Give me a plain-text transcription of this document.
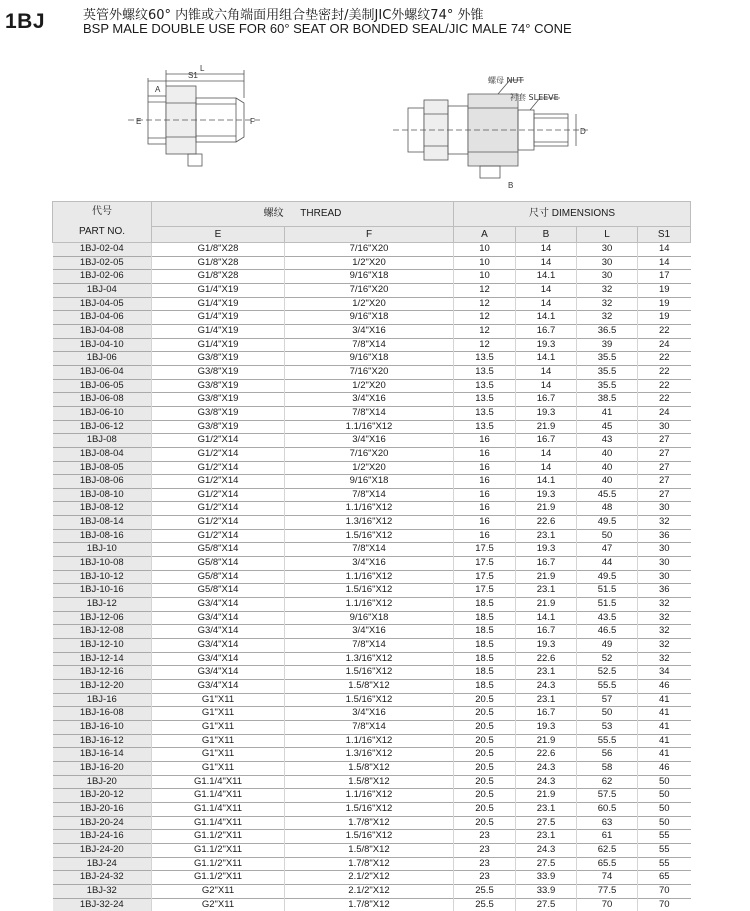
1BJ	英管外螺纹60° 内锥或六角端面用组合垫密封/美制JIC外螺纹74° 外锥
BSP MALE DOUBLE USE FOR 60° SEAT OR BONDED SEAL/JIC MALE 74° CONE
L
S1
F
E
A
螺母 NUT
衬套 SLEEVE
D
B
代号
PART NO.	螺纹 THREAD		尺寸 DIMENSIONS			
	E	F	A	B	L	S1
1BJ-02-04	G1/8"X28	7/16"X20	10	14	30	14
1BJ-02-05	G1/8"X28	1/2"X20	10	14	30	14
1BJ-02-06	G1/8"X28	9/16"X18	10	14.1	30	17
1BJ-04	G1/4"X19	7/16"X20	12	14	32	19
1BJ-04-05	G1/4"X19	1/2"X20	12	14	32	19
1BJ-04-06	G1/4"X19	9/16"X18	12	14.1	32	19
1BJ-04-08	G1/4"X19	3/4"X16	12	16.7	36.5	22
1BJ-04-10	G1/4"X19	7/8"X14	12	19.3	39	24
1BJ-06	G3/8"X19	9/16"X18	13.5	14.1	35.5	22
1BJ-06-04	G3/8"X19	7/16"X20	13.5	14	35.5	22
1BJ-06-05	G3/8"X19	1/2"X20	13.5	14	35.5	22
1BJ-06-08	G3/8"X19	3/4"X16	13.5	16.7	38.5	22
1BJ-06-10	G3/8"X19	7/8"X14	13.5	19.3	41	24
1BJ-06-12	G3/8"X19	1.1/16"X12	13.5	21.9	45	30
1BJ-08	G1/2"X14	3/4"X16	16	16.7	43	27
1BJ-08-04	G1/2"X14	7/16"X20	16	14	40	27
1BJ-08-05	G1/2"X14	1/2"X20	16	14	40	27
1BJ-08-06	G1/2"X14	9/16"X18	16	14.1	40	27
1BJ-08-10	G1/2"X14	7/8"X14	16	19.3	45.5	27
1BJ-08-12	G1/2"X14	1.1/16"X12	16	21.9	48	30
1BJ-08-14	G1/2"X14	1.3/16"X12	16	22.6	49.5	32
1BJ-08-16	G1/2"X14	1.5/16"X12	16	23.1	50	36
1BJ-10	G5/8"X14	7/8"X14	17.5	19.3	47	30
1BJ-10-08	G5/8"X14	3/4"X16	17.5	16.7	44	30
1BJ-10-12	G5/8"X14	1.1/16"X12	17.5	21.9	49.5	30
1BJ-10-16	G5/8"X14	1.5/16"X12	17.5	23.1	51.5	36
1BJ-12	G3/4"X14	1.1/16"X12	18.5	21.9	51.5	32
1BJ-12-06	G3/4"X14	9/16"X18	18.5	14.1	43.5	32
1BJ-12-08	G3/4"X14	3/4"X16	18.5	16.7	46.5	32
1BJ-12-10	G3/4"X14	7/8"X14	18.5	19.3	49	32
1BJ-12-14	G3/4"X14	1.3/16"X12	18.5	22.6	52	32
1BJ-12-16	G3/4"X14	1.5/16"X12	18.5	23.1	52.5	34
1BJ-12-20	G3/4"X14	1.5/8"X12	18.5	24.3	55.5	46
1BJ-16	G1"X11	1.5/16"X12	20.5	23.1	57	41
1BJ-16-08	G1"X11	3/4"X16	20.5	16.7	50	41
1BJ-16-10	G1"X11	7/8"X14	20.5	19.3	53	41
1BJ-16-12	G1"X11	1.1/16"X12	20.5	21.9	55.5	41
1BJ-16-14	G1"X11	1.3/16"X12	20.5	22.6	56	41
1BJ-16-20	G1"X11	1.5/8"X12	20.5	24.3	58	46
1BJ-20	G1.1/4"X11	1.5/8"X12	20.5	24.3	62	50
1BJ-20-12	G1.1/4"X11	1.1/16"X12	20.5	21.9	57.5	50
1BJ-20-16	G1.1/4"X11	1.5/16"X12	20.5	23.1	60.5	50
1BJ-20-24	G1.1/4"X11	1.7/8"X12	20.5	27.5	63	50
1BJ-24-16	G1.1/2"X11	1.5/16"X12	23	23.1	61	55
1BJ-24-20	G1.1/2"X11	1.5/8"X12	23	24.3	62.5	55
1BJ-24	G1.1/2"X11	1.7/8"X12	23	27.5	65.5	55
1BJ-24-32	G1.1/2"X11	2.1/2"X12	23	33.9	74	65
1BJ-32	G2"X11	2.1/2"X12	25.5	33.9	77.5	70
1BJ-32-24	G2"X11	1.7/8"X12	25.5	27.5	70	70
